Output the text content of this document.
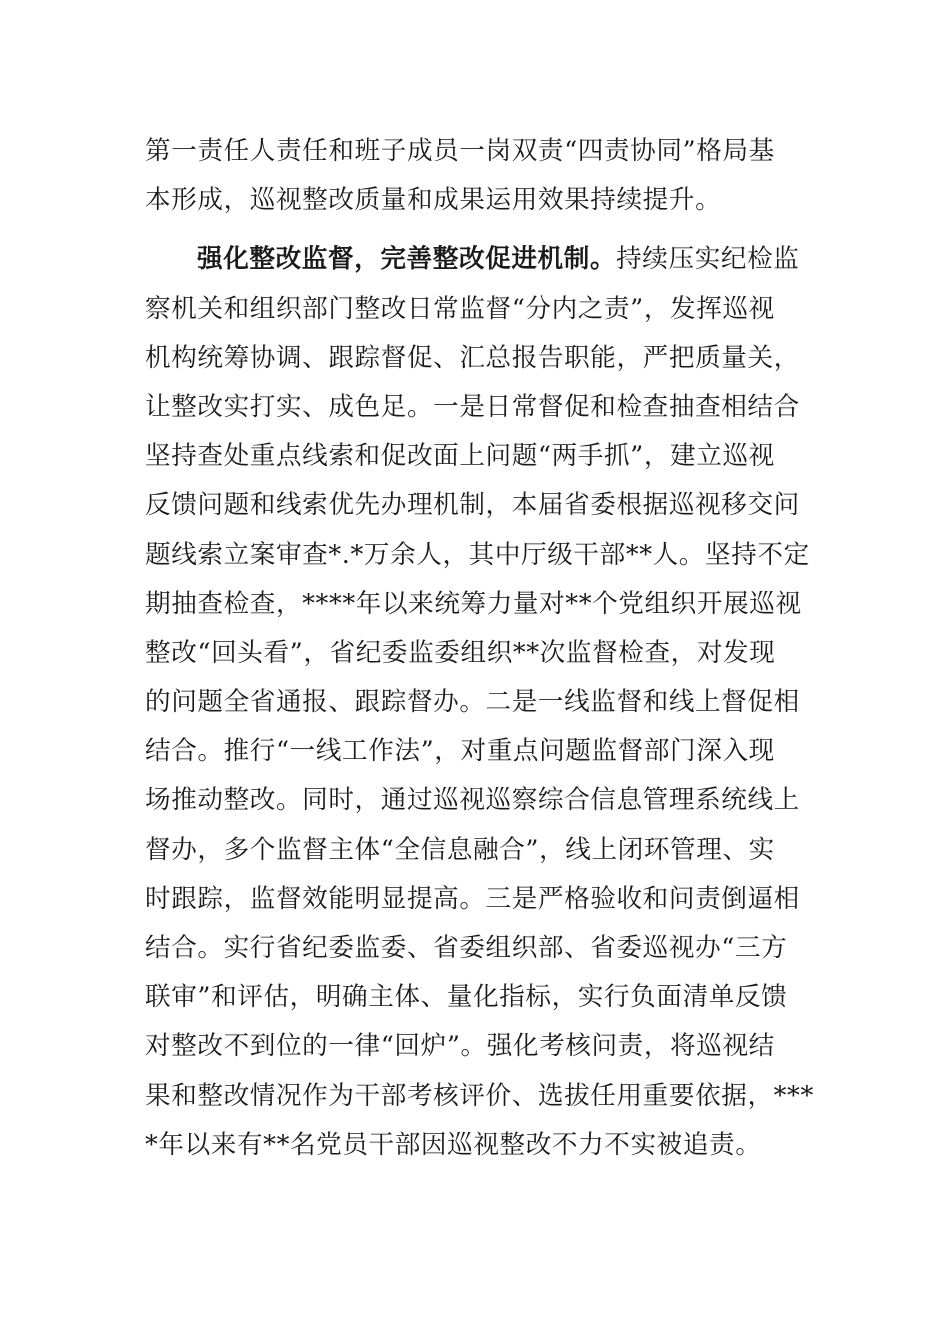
第一责任人责任和班子成员一岗双责“四责协同”格局基
本形成，巡视整改质量和成果运用效果持续提升。
强化整改监督，完善整改促进机制。持续压实纪检监
察机关和组织部门整改日常监督“分内之责”，发挥巡视
机构统筹协调、跟踪督促、汇总报告职能，严把质量关，
让整改实打实、成色足。一是日常督促和检查抽查相结合
坚持查处重点线索和促改面上问题“两手抓”，建立巡视
反馈问题和线索优先办理机制，本届省委根据巡视移交问
题线索立案审查*.*万余人，其中厅级干部**人。坚持不定
期抽查检查，****年以来统筹力量对**个党组织开展巡视
整改“回头看”，省纪委监委组织**次监督检查，对发现
的问题全省通报、跟踪督办。二是一线监督和线上督促相
结合。推行“一线工作法”，对重点问题监督部门深入现
场推动整改。同时，通过巡视巡察综合信息管理系统线上
督办，多个监督主体“全信息融合”，线上闭环管理、实
时跟踪，监督效能明显提高。三是严格验收和问责倒逼相
结合。实行省纪委监委、省委组织部、省委巡视办“三方
联审”和评估，明确主体、量化指标，实行负面清单反馈
对整改不到位的一律“回炉”。强化考核问责，将巡视结
果和整改情况作为干部考核评价、选拔任用重要依据，***
*年以来有**名党员干部因巡视整改不力不实被追责。
